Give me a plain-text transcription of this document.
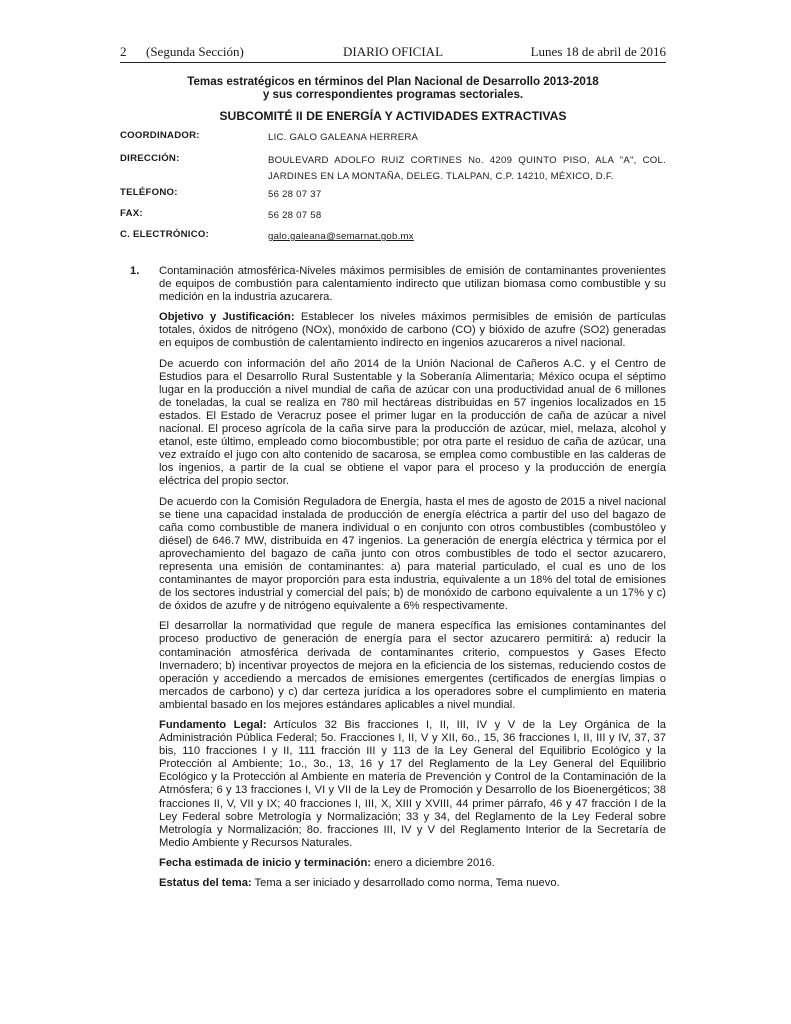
2      (Segunda Sección)	DIARIO OFICIAL	Lunes 18 de abril de 2016
Temas estratégicos en términos del Plan Nacional de Desarrollo 2013-2018
y sus correspondientes programas sectoriales.
SUBCOMITÉ II DE ENERGÍA Y ACTIVIDADES EXTRACTIVAS
COORDINADOR:	LIC. GALO GALEANA HERRERA
DIRECCIÓN:	BOULEVARD ADOLFO RUIZ CORTINES No. 4209 QUINTO PISO, ALA "A", COL. JARDINES EN LA MONTAÑA, DELEG. TLALPAN, C.P. 14210, MÉXICO, D.F.
TELÉFONO:	56 28 07 37
FAX:	56 28 07 58
C. ELECTRÓNICO:	galo.galeana@semarnat.gob.mx
1. Contaminación atmosférica-Niveles máximos permisibles de emisión de contaminantes provenientes de equipos de combustión para calentamiento indirecto que utilizan biomasa como combustible y su medición en la industria azucarera.

Objetivo y Justificación: Establecer los niveles máximos permisibles de emisión de partículas totales, óxidos de nitrógeno (NOx), monóxido de carbono (CO) y bióxido de azufre (SO2) generadas en equipos de combustión de calentamiento indirecto en ingenios azucareros a nivel nacional.

De acuerdo con información del año 2014 de la Unión Nacional de Cañeros A.C. y el Centro de Estudios para el Desarrollo Rural Sustentable y la Soberanía Alimentaria; México ocupa el séptimo lugar en la producción a nivel mundial de caña de azúcar con una productividad anual de 6 millones de toneladas, la cual se realiza en 780 mil hectáreas distribuidas en 57 ingenios localizados en 15 estados. El Estado de Veracruz posee el primer lugar en la producción de caña de azúcar a nivel nacional. El proceso agrícola de la caña sirve para la producción de azúcar, miel, melaza, alcohol y etanol, este último, empleado como biocombustible; por otra parte el residuo de caña de azúcar, una vez extraído el jugo con alto contenido de sacarosa, se emplea como combustible en las calderas de los ingenios, a partir de la cual se obtiene el vapor para el proceso y la producción de energía eléctrica del propio sector.

De acuerdo con la Comisión Reguladora de Energía, hasta el mes de agosto de 2015 a nivel nacional se tiene una capacidad instalada de producción de energía eléctrica a partir del uso del bagazo de caña como combustible de manera individual o en conjunto con otros combustibles (combustóleo y diésel) de 646.7 MW, distribuida en 47 ingenios. La generación de energía eléctrica y térmica por el aprovechamiento del bagazo de caña junto con otros combustibles de todo el sector azucarero, representa una emisión de contaminantes: a) para material particulado, el cual es uno de los contaminantes de mayor proporción para esta industria, equivalente a un 18% del total de emisiones de los sectores industrial y comercial del país; b) de monóxido de carbono equivalente a un 17% y c) de óxidos de azufre y de nitrógeno equivalente a 6% respectivamente.

El desarrollar la normatividad que regule de manera específica las emisiones contaminantes del proceso productivo de generación de energía para el sector azucarero permitirá: a) reducir la contaminación atmosférica derivada de contaminantes criterio, compuestos y Gases Efecto Invernadero; b) incentivar proyectos de mejora en la eficiencia de los sistemas, reduciendo costos de operación y accediendo a mercados de emisiones emergentes (certificados de energías limpias o mercados de carbono) y c) dar certeza jurídica a los operadores sobre el cumplimiento en materia ambiental basado en los mejores estándares aplicables a nivel mundial.

Fundamento Legal: Artículos 32 Bis fracciones I, II, III, IV y V de la Ley Orgánica de la Administración Pública Federal; 5o. Fracciones I, II, V y XII, 6o., 15, 36 fracciones I, II, III y IV, 37, 37 bis, 110 fracciones I y II, 111 fracción III y 113 de la Ley General del Equilibrio Ecológico y la Protección al Ambiente; 1o., 3o., 13, 16 y 17 del Reglamento de la Ley General del Equilibrio Ecológico y la Protección al Ambiente en materia de Prevención y Control de la Contaminación de la Atmósfera; 6 y 13 fracciones I, VI y VII de la Ley de Promoción y Desarrollo de los Bioenergéticos; 38 fracciones II, V, VII y IX; 40 fracciones I, III, X, XIII y XVIII, 44 primer párrafo, 46 y 47 fracción I de la Ley Federal sobre Metrología y Normalización; 33 y 34, del Reglamento de la Ley Federal sobre Metrología y Normalización; 8o. fracciones III, IV y V del Reglamento Interior de la Secretaría de Medio Ambiente y Recursos Naturales.

Fecha estimada de inicio y terminación: enero a diciembre 2016.

Estatus del tema: Tema a ser iniciado y desarrollado como norma, Tema nuevo.
